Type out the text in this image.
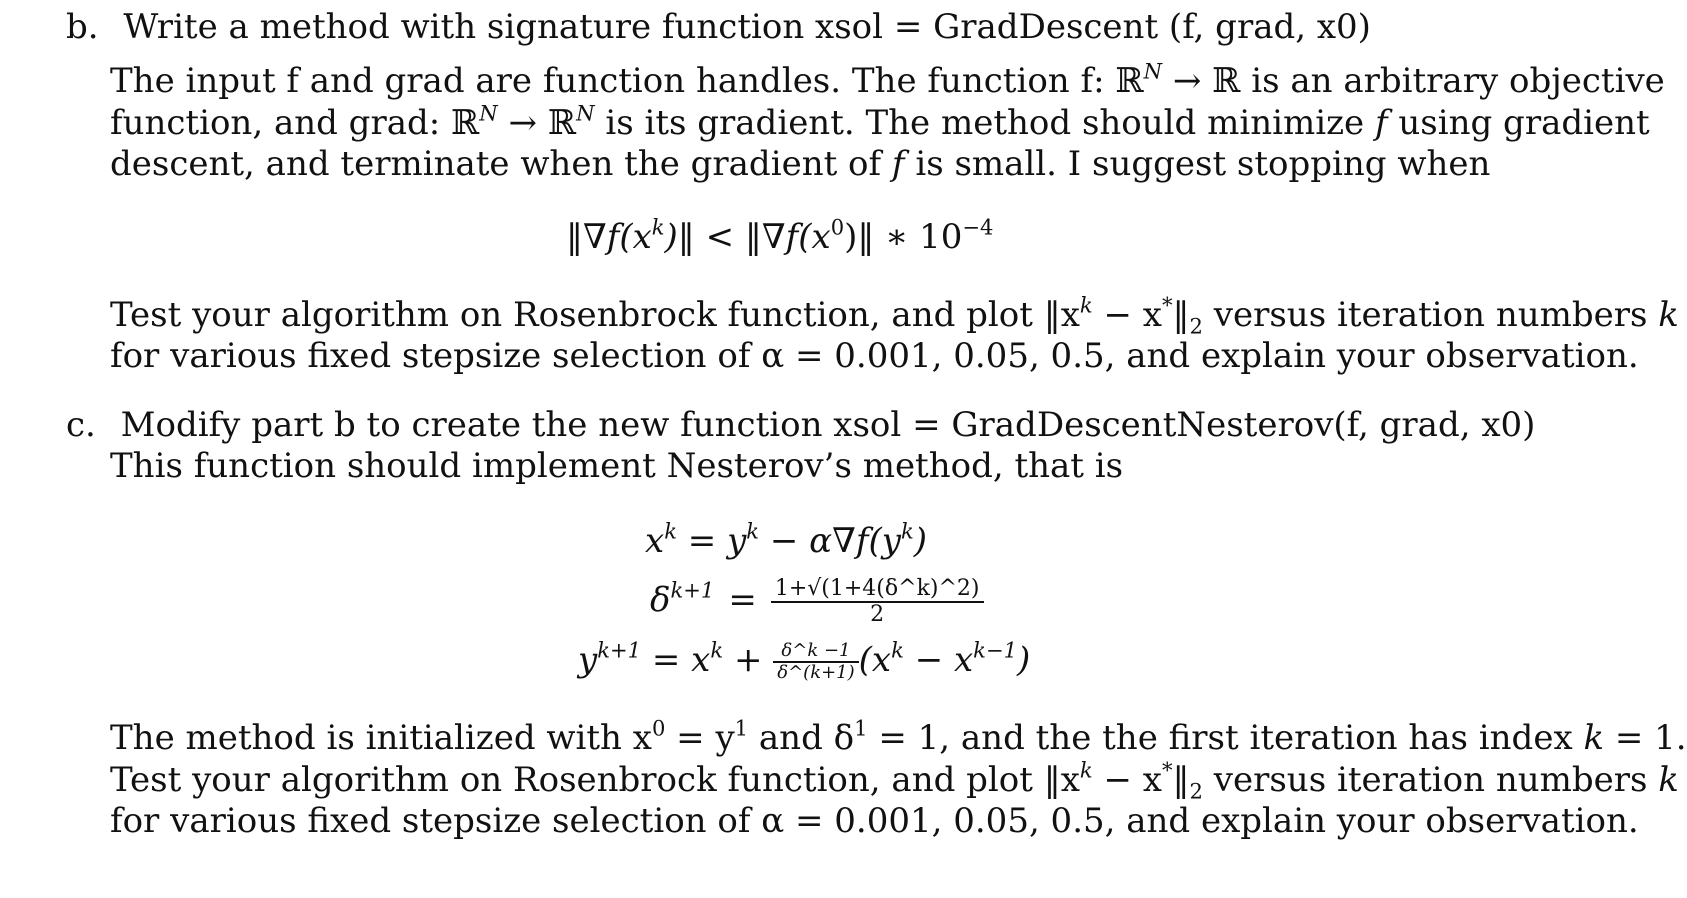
b. Write a method with signature function xsol = GradDescent (f, grad, x0)
The input f and grad are function handles. The function f: ℝ$^N$ → ℝ is an arbitrary objective
function, and grad: ℝ$^N$ → ℝ$^N$ is its gradient. The method should minimize f using gradient
descent, and terminate when the gradient of f is small. I suggest stopping when
$‖\nabla f(x^k)‖$ < $‖\nabla f(x^0)‖$ ∗ $10^{-4}$
Test your algorithm on Rosenbrock function, and plot $‖x^k$ − $x^*‖_2$ versus iteration numbers k
for various fixed stepsize selection of α = 0.001, 0.05, 0.5, and explain your observation.
c. Modify part b to create the new function xsol = GradDescentNesterov(f, grad, x0)
This function should implement Nesterov’s method, that is
$x^k = y^k - \alpha\nabla f(y^k)$
$\delta^{k+1} = \frac{1+√(1+4(\delta\^{}k)\^{}2)}{2}$
$y^{k+1} = x^k + \frac{\delta\^{}k -1}{\delta\^{}(k+1)} (x^k - x^{k-1})$
The method is initialized with $x^0 = y^1$ and $\delta^1 = 1$, and the the first iteration has index k = 1.
Test your algorithm on Rosenbrock function, and plot $‖x^k$ − $x^*‖_2$ versus iteration numbers k
for various fixed stepsize selection of α = 0.001, 0.05, 0.5, and explain your observation.
